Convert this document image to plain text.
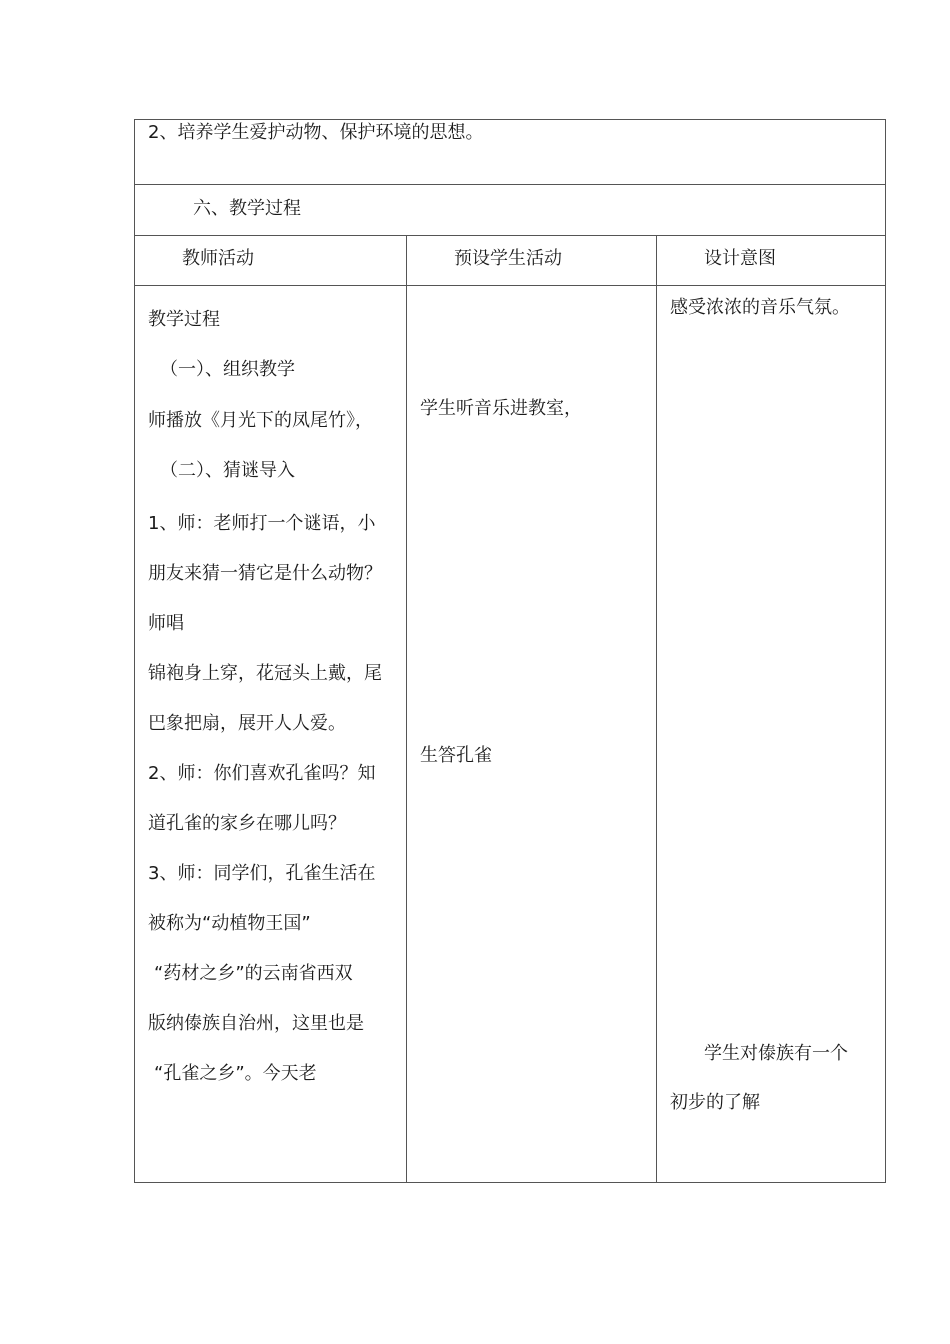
2、培养学生爱护动物、保护环境的思想。
六、教学过程
教师活动	预设学生活动	设计意图
教学过程
（一）、组织教学
师播放《月光下的凤尾竹》，
（二）、猜谜导入
1、师：老师打一个谜语，小
朋友来猜一猜它是什么动物？
师唱
锦袍身上穿，花冠头上戴，尾
巴象把扇，展开人人爱。
2、师：你们喜欢孔雀吗？知
道孔雀的家乡在哪儿吗？
3、师：同学们，孔雀生活在
被称为“动植物王国”
“药材之乡”的云南省西双
版纳傣族自治州，这里也是
“孔雀之乡”。今天老
学生听音乐进教室，
生答孔雀
感受浓浓的音乐气氛。
学生对傣族有一个
初步的了解
